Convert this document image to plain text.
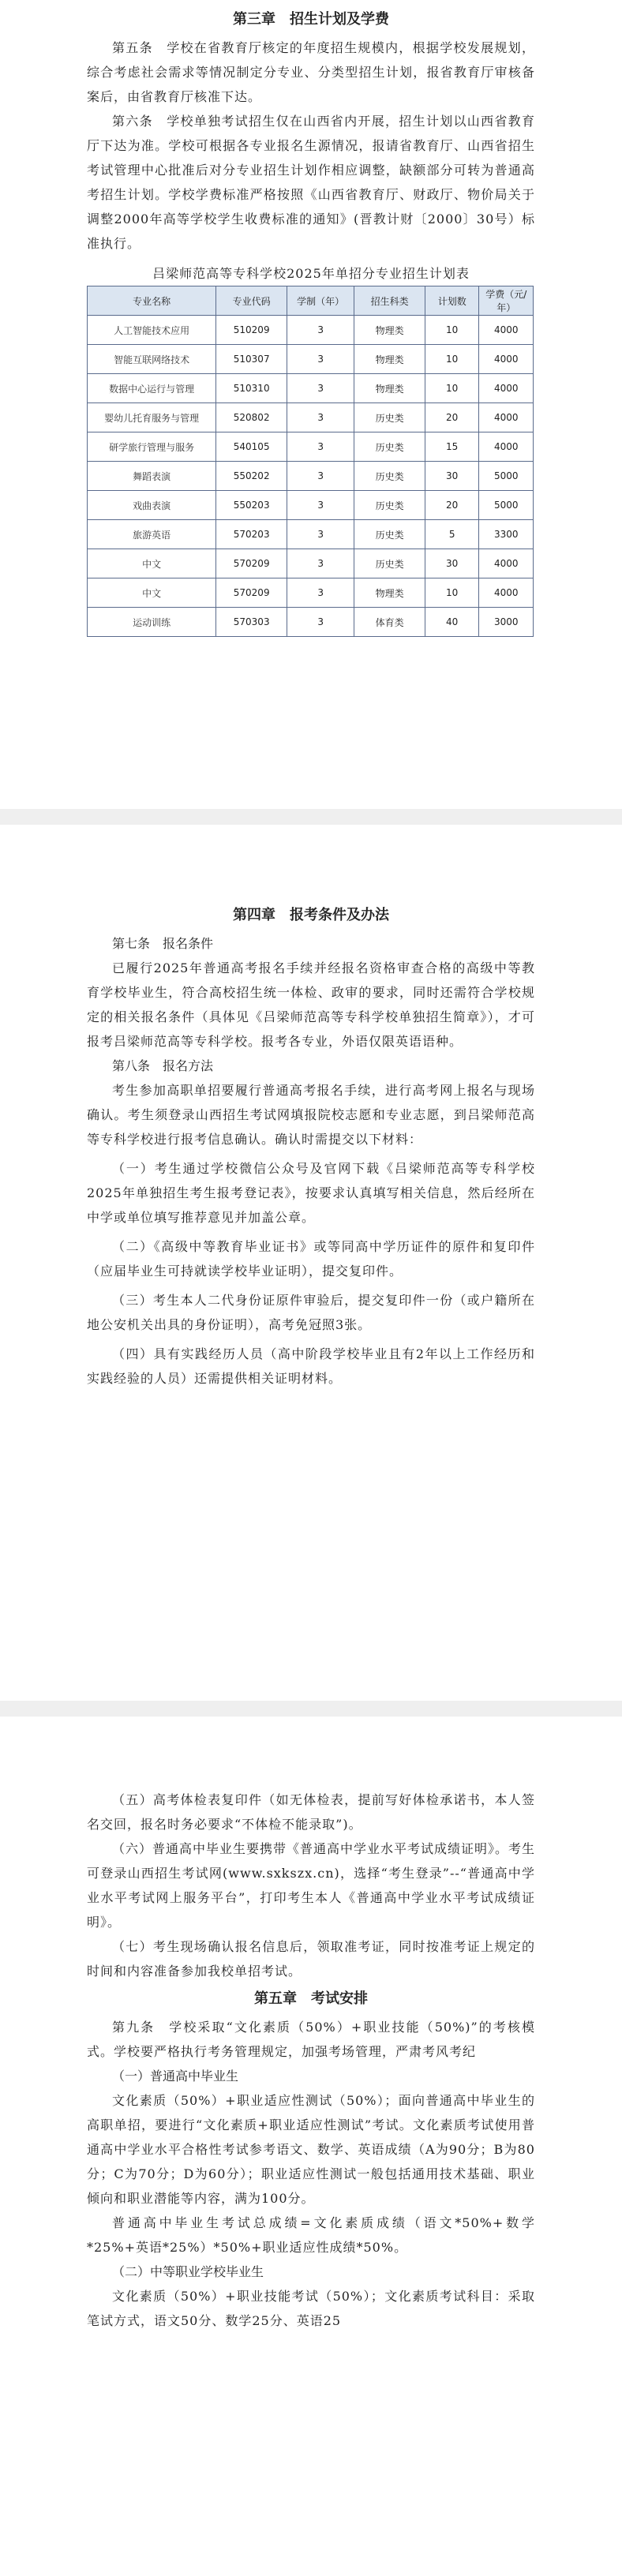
第三章　招生计划及学费

第五条　学校在省教育厅核定的年度招生规模内，根据学校发展规划，综合考虑社会需求等情况制定分专业、分类型招生计划，报省教育厅审核备案后，由省教育厅核准下达。

第六条　学校单独考试招生仅在山西省内开展，招生计划以山西省教育厅下达为准。学校可根据各专业报名生源情况，报请省教育厅、山西省招生考试管理中心批准后对分专业招生计划作相应调整，缺额部分可转为普通高考招生计划。学校学费标准严格按照《山西省教育厅、财政厅、物价局关于调整2000年高等学校学生收费标准的通知》(晋教计财〔2000〕30号）标准执行。

吕梁师范高等专科学校2025年单招分专业招生计划表

专业名称	专业代码	学制（年）	招生科类	计划数	学费（元/年）
人工智能技术应用	510209	3	物理类	10	4000
智能互联网络技术	510307	3	物理类	10	4000
数据中心运行与管理	510310	3	物理类	10	4000
婴幼儿托育服务与管理	520802	3	历史类	20	4000
研学旅行管理与服务	540105	3	历史类	15	4000
舞蹈表演	550202	3	历史类	30	5000
戏曲表演	550203	3	历史类	20	5000
旅游英语	570203	3	历史类	5	3300
中文	570209	3	历史类	30	4000
中文	570209	3	物理类	10	4000
运动训练	570303	3	体育类	40	3000
第四章　报考条件及办法

第七条　报名条件

已履行2025年普通高考报名手续并经报名资格审查合格的高级中等教育学校毕业生，符合高校招生统一体检、政审的要求，同时还需符合学校规定的相关报名条件（具体见《吕梁师范高等专科学校单独招生简章》），才可报考吕梁师范高等专科学校。报考各专业，外语仅限英语语种。

第八条　报名方法

考生参加高职单招要履行普通高考报名手续，进行高考网上报名与现场确认。考生须登录山西招生考试网填报院校志愿和专业志愿，到吕梁师范高等专科学校进行报考信息确认。确认时需提交以下材料：

（一）考生通过学校微信公众号及官网下载《吕梁师范高等专科学校2025年单独招生考生报考登记表》，按要求认真填写相关信息，然后经所在中学或单位填写推荐意见并加盖公章。

（二）《高级中等教育毕业证书》或等同高中学历证件的原件和复印件（应届毕业生可持就读学校毕业证明），提交复印件。

（三）考生本人二代身份证原件审验后，提交复印件一份（或户籍所在地公安机关出具的身份证明），高考免冠照3张。

（四）具有实践经历人员（高中阶段学校毕业且有2年以上工作经历和实践经验的人员）还需提供相关证明材料。

（五）高考体检表复印件（如无体检表，提前写好体检承诺书，本人签名交回，报名时务必要求“不体检不能录取”)。

（六）普通高中毕业生要携带《普通高中学业水平考试成绩证明》。考生可登录山西招生考试网(www.sxkszx.cn)，选择“考生登录”--“普通高中学业水平考试网上服务平台”，打印考生本人《普通高中学业水平考试成绩证明》。

（七）考生现场确认报名信息后，领取准考证，同时按准考证上规定的时间和内容准备参加我校单招考试。

第五章　考试安排

第九条　学校采取“文化素质（50%）+职业技能（50%)”的考核模式。学校要严格执行考务管理规定，加强考场管理，严肃考风考纪

（一）普通高中毕业生

文化素质（50%）+职业适应性测试（50%）；面向普通高中毕业生的高职单招，要进行“文化素质+职业适应性测试”考试。文化素质考试使用普通高中学业水平合格性考试参考语文、数学、英语成绩（A为90分；B为80分；C为70分；D为60分）；职业适应性测试一般包括通用技术基础、职业倾向和职业潜能等内容，满为100分。

普通高中毕业生考试总成绩=文化素质成绩（语文*50%+数学*25%+英语*25%）*50%+职业适应性成绩*50%。

（二）中等职业学校毕业生

文化素质（50%）+职业技能考试（50%）；文化素质考试科目：采取笔试方式，语文50分、数学25分、英语25
